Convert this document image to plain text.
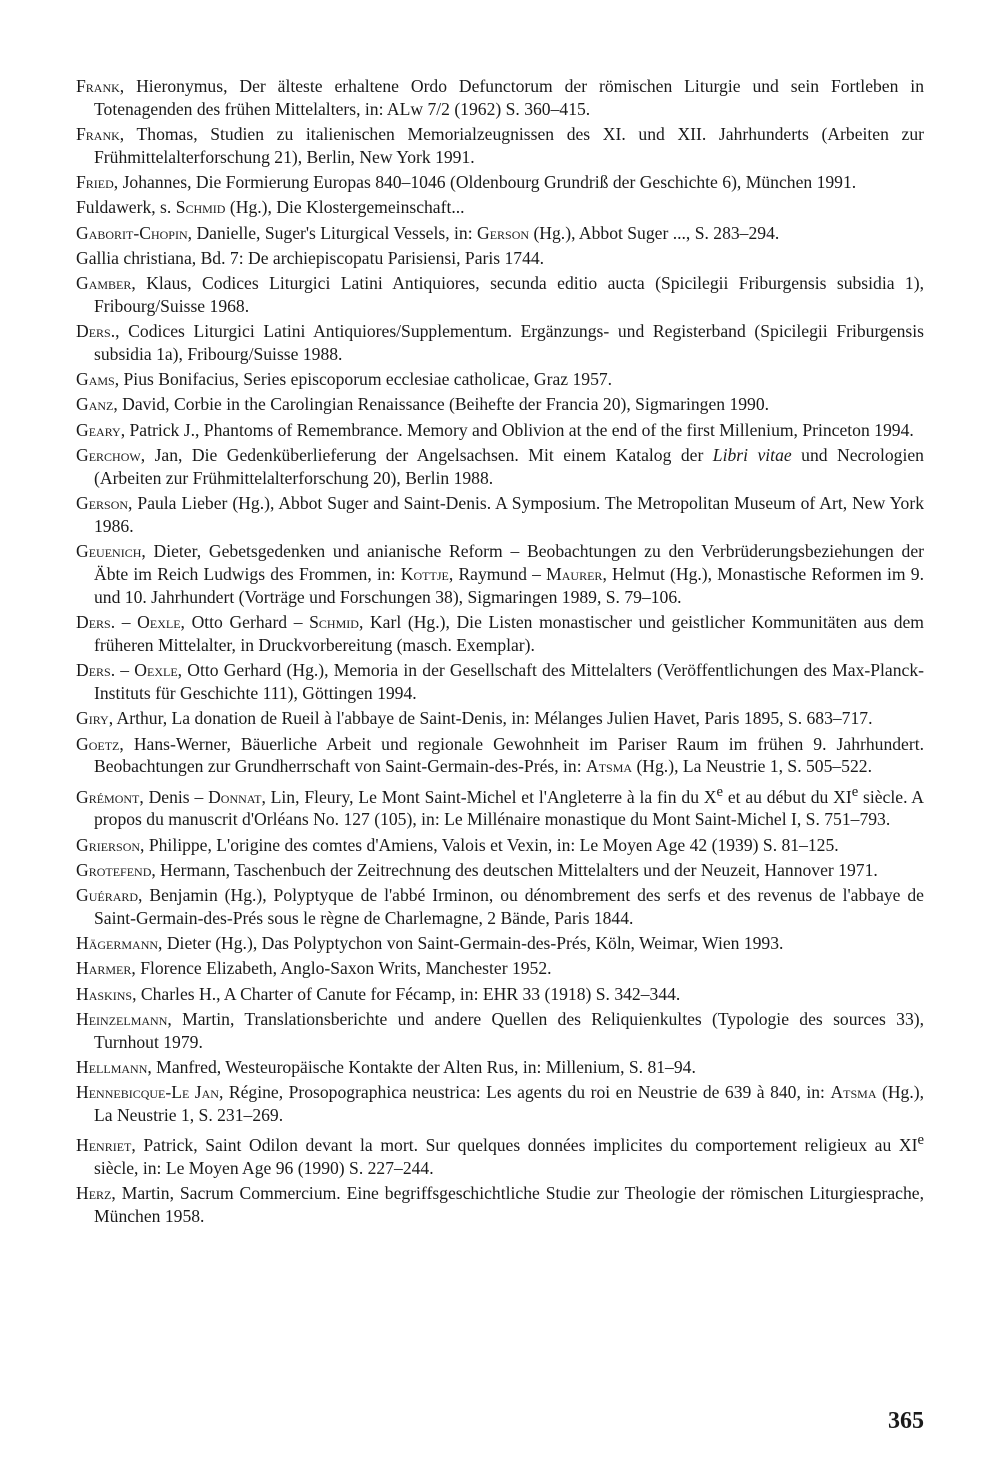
Frank, Hieronymus, Der älteste erhaltene Ordo Defunctorum der römischen Liturgie und sein Fortleben in Totenagenden des frühen Mittelalters, in: ALw 7/2 (1962) S. 360–415.

Frank, Thomas, Studien zu italienischen Memorialzeugnissen des XI. und XII. Jahrhunderts (Arbeiten zur Frühmittelalterforschung 21), Berlin, New York 1991.

Fried, Johannes, Die Formierung Europas 840–1046 (Oldenbourg Grundriß der Geschichte 6), München 1991.

Fuldawerk, s. Schmid (Hg.), Die Klostergemeinschaft...

Gaborit-Chopin, Danielle, Suger's Liturgical Vessels, in: Gerson (Hg.), Abbot Suger ..., S. 283–294.

Gallia christiana, Bd. 7: De archiepiscopatu Parisiensi, Paris 1744.

Gamber, Klaus, Codices Liturgici Latini Antiquiores, secunda editio aucta (Spicilegii Friburgensis subsidia 1), Fribourg/Suisse 1968.

Ders., Codices Liturgici Latini Antiquiores/Supplementum. Ergänzungs- und Registerband (Spicilegii Friburgensis subsidia 1a), Fribourg/Suisse 1988.

Gams, Pius Bonifacius, Series episcoporum ecclesiae catholicae, Graz 1957.

Ganz, David, Corbie in the Carolingian Renaissance (Beihefte der Francia 20), Sigmaringen 1990.

Geary, Patrick J., Phantoms of Remembrance. Memory and Oblivion at the end of the first Millenium, Princeton 1994.

Gerchow, Jan, Die Gedenküberlieferung der Angelsachsen. Mit einem Katalog der Libri vitae und Necrologien (Arbeiten zur Frühmittelalterforschung 20), Berlin 1988.

Gerson, Paula Lieber (Hg.), Abbot Suger and Saint-Denis. A Symposium. The Metropolitan Museum of Art, New York 1986.

Geuenich, Dieter, Gebetsgedenken und anianische Reform – Beobachtungen zu den Verbrüderungsbeziehungen der Äbte im Reich Ludwigs des Frommen, in: Kottje, Raymund – Maurer, Helmut (Hg.), Monastische Reformen im 9. und 10. Jahrhundert (Vorträge und Forschungen 38), Sigmaringen 1989, S. 79–106.

Ders. – Oexle, Otto Gerhard – Schmid, Karl (Hg.), Die Listen monastischer und geistlicher Kommunitäten aus dem früheren Mittelalter, in Druckvorbereitung (masch. Exemplar).

Ders. – Oexle, Otto Gerhard (Hg.), Memoria in der Gesellschaft des Mittelalters (Veröffentlichungen des Max-Planck-Instituts für Geschichte 111), Göttingen 1994.

Giry, Arthur, La donation de Rueil à l'abbaye de Saint-Denis, in: Mélanges Julien Havet, Paris 1895, S. 683–717.

Goetz, Hans-Werner, Bäuerliche Arbeit und regionale Gewohnheit im Pariser Raum im frühen 9. Jahrhundert. Beobachtungen zur Grundherrschaft von Saint-Germain-des-Prés, in: Atsma (Hg.), La Neustrie 1, S. 505–522.

Grémont, Denis – Donnat, Lin, Fleury, Le Mont Saint-Michel et l'Angleterre à la fin du Xe et au début du XIe siècle. A propos du manuscrit d'Orléans No. 127 (105), in: Le Millénaire monastique du Mont Saint-Michel I, S. 751–793.

Grierson, Philippe, L'origine des comtes d'Amiens, Valois et Vexin, in: Le Moyen Age 42 (1939) S. 81–125.

Grotefend, Hermann, Taschenbuch der Zeitrechnung des deutschen Mittelalters und der Neuzeit, Hannover 1971.

Guérard, Benjamin (Hg.), Polyptyque de l'abbé Irminon, ou dénombrement des serfs et des revenus de l'abbaye de Saint-Germain-des-Prés sous le règne de Charlemagne, 2 Bände, Paris 1844.

Hägermann, Dieter (Hg.), Das Polyptychon von Saint-Germain-des-Prés, Köln, Weimar, Wien 1993.

Harmer, Florence Elizabeth, Anglo-Saxon Writs, Manchester 1952.

Haskins, Charles H., A Charter of Canute for Fécamp, in: EHR 33 (1918) S. 342–344.

Heinzelmann, Martin, Translationsberichte und andere Quellen des Reliquienkultes (Typologie des sources 33), Turnhout 1979.

Hellmann, Manfred, Westeuropäische Kontakte der Alten Rus, in: Millenium, S. 81–94.

Hennebicque-Le Jan, Régine, Prosopographica neustrica: Les agents du roi en Neustrie de 639 à 840, in: Atsma (Hg.), La Neustrie 1, S. 231–269.

Henriet, Patrick, Saint Odilon devant la mort. Sur quelques données implicites du comportement religieux au XIe siècle, in: Le Moyen Age 96 (1990) S. 227–244.

Herz, Martin, Sacrum Commercium. Eine begriffsgeschichtliche Studie zur Theologie der römischen Liturgiesprache, München 1958.

365
